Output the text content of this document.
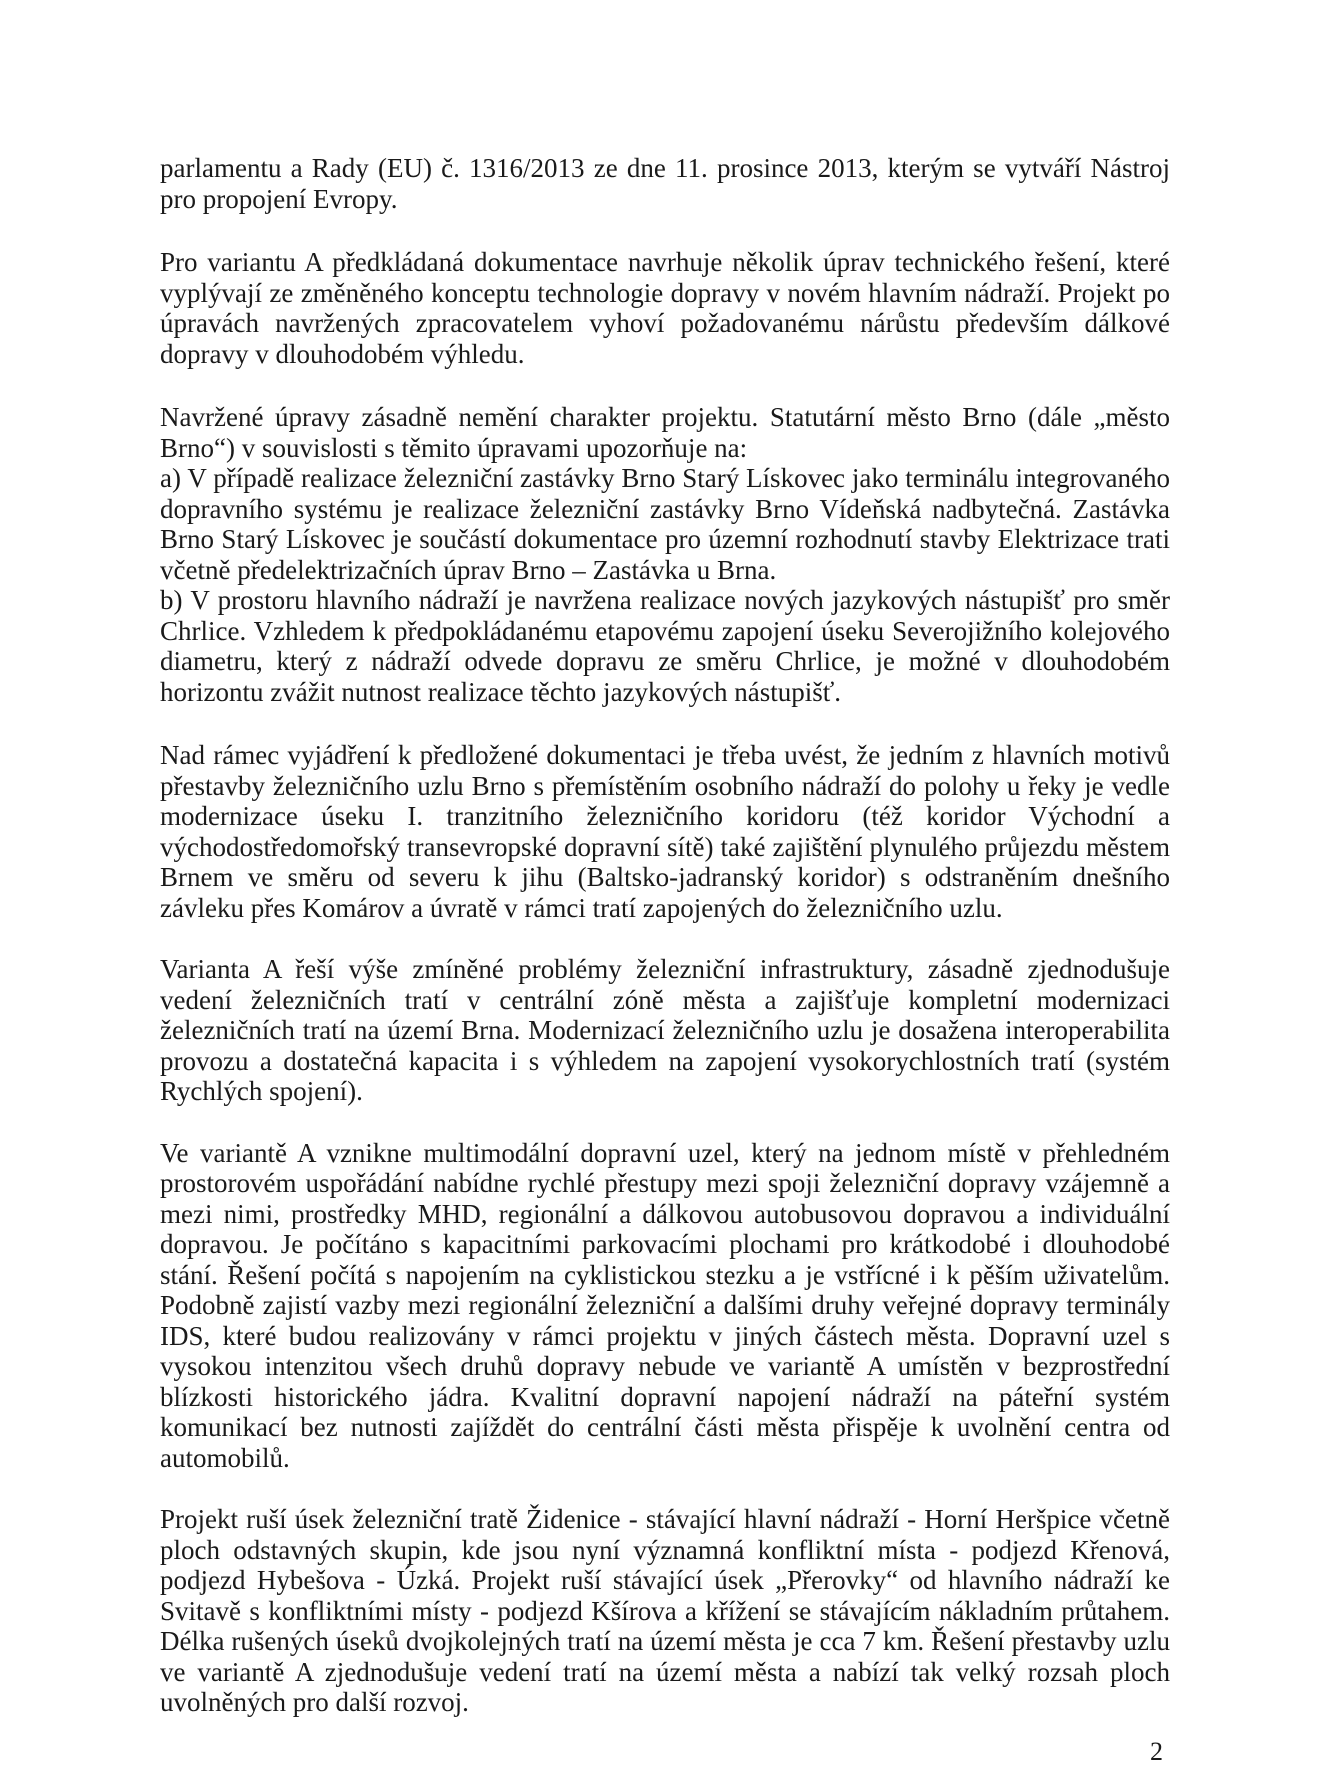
parlamentu a Rady (EU) č. 1316/2013 ze dne 11. prosince 2013, kterým se vytváří Nástroj pro propojení Evropy.

Pro variantu A předkládaná dokumentace navrhuje několik úprav technického řešení, které vyplývají ze změněného konceptu technologie dopravy v novém hlavním nádraží. Projekt po úpravách navržených zpracovatelem vyhoví požadovanému nárůstu především dálkové dopravy v dlouhodobém výhledu.

Navržené úpravy zásadně nemění charakter projektu. Statutární město Brno (dále „město Brno“) v souvislosti s těmito úpravami upozorňuje na:

a) V případě realizace železniční zastávky Brno Starý Lískovec jako terminálu integrovaného dopravního systému je realizace železniční zastávky Brno Vídeňská nadbytečná. Zastávka Brno Starý Lískovec je součástí dokumentace pro územní rozhodnutí stavby Elektrizace trati včetně předelektrizačních úprav Brno – Zastávka u Brna.

b) V prostoru hlavního nádraží je navržena realizace nových jazykových nástupišť pro směr Chrlice. Vzhledem k předpokládanému etapovému zapojení úseku Severojižního kolejového diametru, který z nádraží odvede dopravu ze směru Chrlice, je možné v dlouhodobém horizontu zvážit nutnost realizace těchto jazykových nástupišť.

Nad rámec vyjádření k předložené dokumentaci je třeba uvést, že jedním z hlavních motivů přestavby železničního uzlu Brno s přemístěním osobního nádraží do polohy u řeky je vedle modernizace úseku I. tranzitního železničního koridoru (též koridor Východní a východostředomořský transevropské dopravní sítě) také zajištění plynulého průjezdu městem Brnem ve směru od severu k jihu (Baltsko-jadranský koridor) s odstraněním dnešního závleku přes Komárov a úvratě v rámci tratí zapojených do železničního uzlu.

Varianta A řeší výše zmíněné problémy železniční infrastruktury, zásadně zjednodušuje vedení železničních tratí v centrální zóně města a zajišťuje kompletní modernizaci železničních tratí na území Brna. Modernizací železničního uzlu je dosažena interoperabilita provozu a dostatečná kapacita i s výhledem na zapojení vysokorychlostních tratí (systém Rychlých spojení).

Ve variantě A vznikne multimodální dopravní uzel, který na jednom místě v přehledném prostorovém uspořádání nabídne rychlé přestupy mezi spoji železniční dopravy vzájemně a mezi nimi, prostředky MHD, regionální a dálkovou autobusovou dopravou a individuální dopravou. Je počítáno s kapacitními parkovacími plochami pro krátkodobé i dlouhodobé stání. Řešení počítá s napojením na cyklistickou stezku a je vstřícné i k pěším uživatelům. Podobně zajistí vazby mezi regionální železniční a dalšími druhy veřejné dopravy terminály IDS, které budou realizovány v rámci projektu v jiných částech města. Dopravní uzel s vysokou intenzitou všech druhů dopravy nebude ve variantě A umístěn v bezprostřední blízkosti historického jádra. Kvalitní dopravní napojení nádraží na páteřní systém komunikací bez nutnosti zajíždět do centrální části města přispěje k uvolnění centra od automobilů.

Projekt ruší úsek železniční tratě Židenice - stávající hlavní nádraží - Horní Heršpice včetně ploch odstavných skupin, kde jsou nyní významná konfliktní místa - podjezd Křenová, podjezd Hybešova - Úzká. Projekt ruší stávající úsek „Přerovky“ od hlavního nádraží ke Svitavě s konfliktními místy - podjezd Kšírova a křížení se stávajícím nákladním průtahem. Délka rušených úseků dvojkolejných tratí na území města je cca 7 km. Řešení přestavby uzlu ve variantě A zjednodušuje vedení tratí na území města a nabízí tak velký rozsah ploch uvolněných pro další rozvoj.

2
